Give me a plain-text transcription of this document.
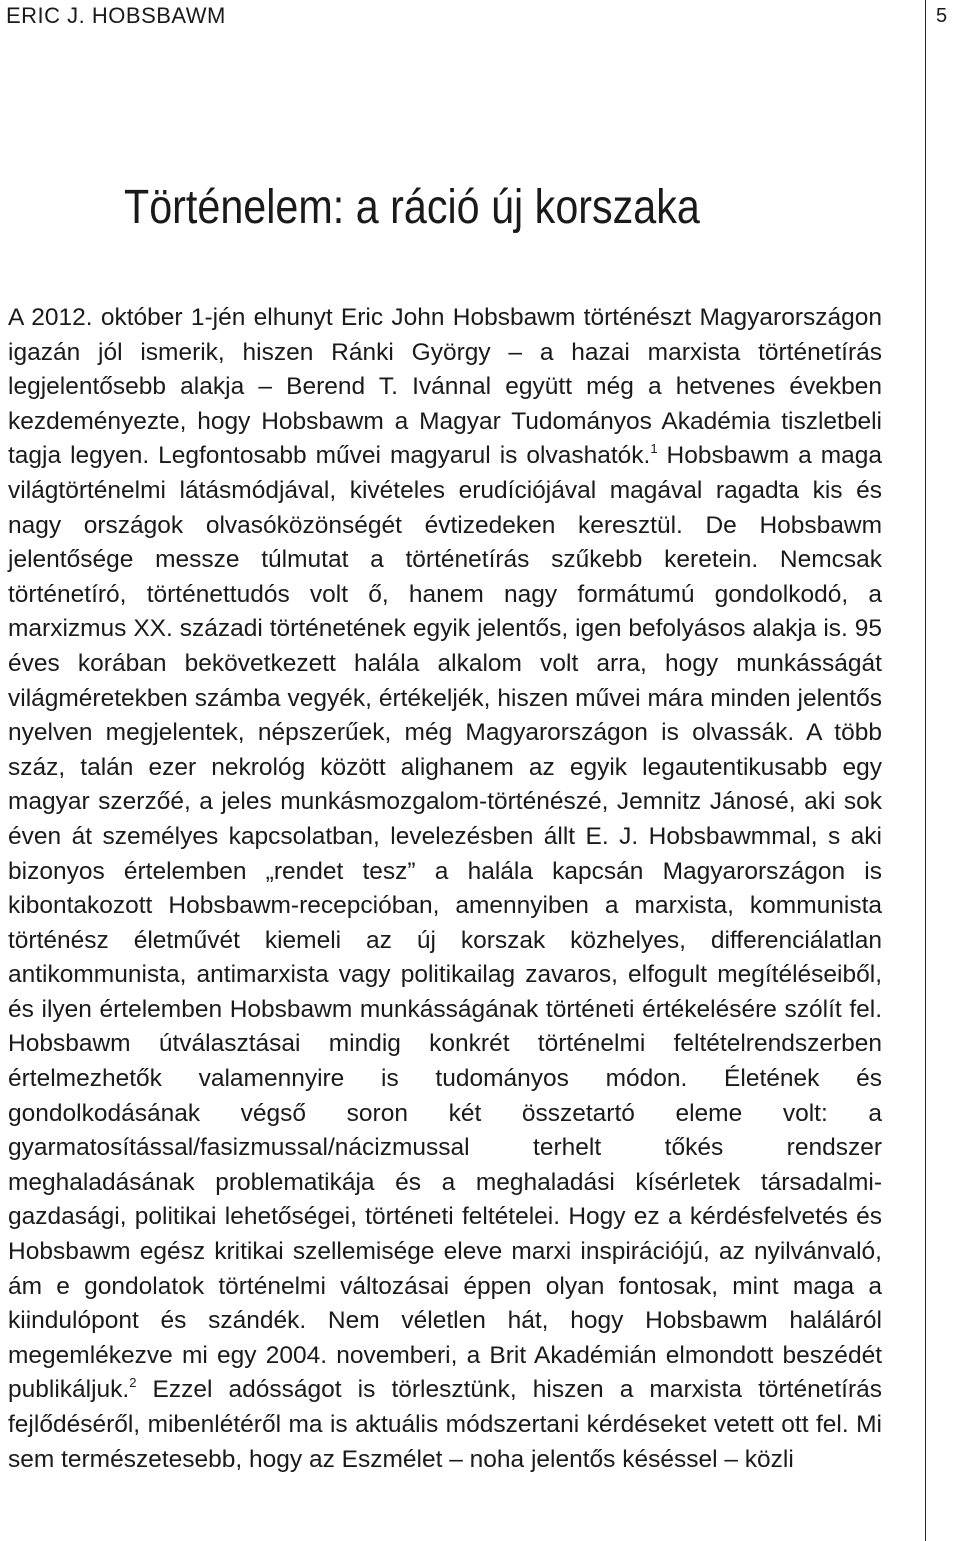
ERIC J. HOBSBAWM	5
Történelem: a ráció új korszaka

A 2012. október 1-jén elhunyt Eric John Hobsbawm történészt Magyarországon igazán jól ismerik, hiszen Ránki György – a hazai marxista történetírás legjelentősebb alakja – Berend T. Ivánnal együtt még a hetvenes években kezdeményezte, hogy Hobsbawm a Magyar Tudományos Akadémia tiszletbeli tagja legyen. Legfontosabb művei magyarul is olvashatók.$^1$ Hobsbawm a maga világtörténelmi látásmódjával, kivételes erudíciójával magával ragadta kis és nagy országok olvasóközönségét évtizedeken keresztül. De Hobsbawm jelentősége messze túlmutat a történetírás szűkebb keretein. Nemcsak történetíró, történettudós volt ő, hanem nagy formátumú gondolkodó, a marxizmus XX. századi történetének egyik jelentős, igen befolyásos alakja is. 95 éves korában bekövetkezett halála alkalom volt arra, hogy munkásságát világméretekben számba vegyék, értékeljék, hiszen művei mára minden jelentős nyelven megjelentek, népszerűek, még Magyarországon is olvassák. A több száz, talán ezer nekrológ között alighanem az egyik legautentikusabb egy magyar szerzőé, a jeles munkásmozgalom-történészé, Jemnitz Jánosé, aki sok éven át személyes kapcsolatban, levelezésben állt E. J. Hobsbawmmal, s aki bizonyos értelemben „rendet tesz” a halála kapcsán Magyarországon is kibontakozott Hobsbawm-recepcióban, amennyiben a marxista, kommunista történész életművét kiemeli az új korszak közhelyes, differenciálatlan antikommunista, antimarxista vagy politikailag zavaros, elfogult megítéléseiből, és ilyen értelemben Hobsbawm munkásságának történeti értékelésére szólít fel. Hobsbawm útválasztásai mindig konkrét történelmi feltételrendszerben értelmezhetők valamennyire is tudományos módon. Életének és gondolkodásának végső soron két összetartó eleme volt: a gyarmatosítással/fasizmussal/nácizmussal terhelt tőkés rendszer meghaladásának problematikája és a meghaladási kísérletek társadalmi-gazdasági, politikai lehetőségei, történeti feltételei. Hogy ez a kérdésfelvetés és Hobsbawm egész kritikai szellemisége eleve marxi inspirációjú, az nyilvánvaló, ám e gondolatok történelmi változásai éppen olyan fontosak, mint maga a kiindulópont és szándék. Nem véletlen hát, hogy Hobsbawm haláláról megemlékezve mi egy 2004. novemberi, a Brit Akadémián elmondott beszédét publikáljuk.$^2$ Ezzel adósságot is törlesztünk, hiszen a marxista történetírás fejlődéséről, mibenlétéről ma is aktuális módszertani kérdéseket vetett ott fel. Mi sem természetesebb, hogy az Eszmélet – noha jelentős késéssel – közli
